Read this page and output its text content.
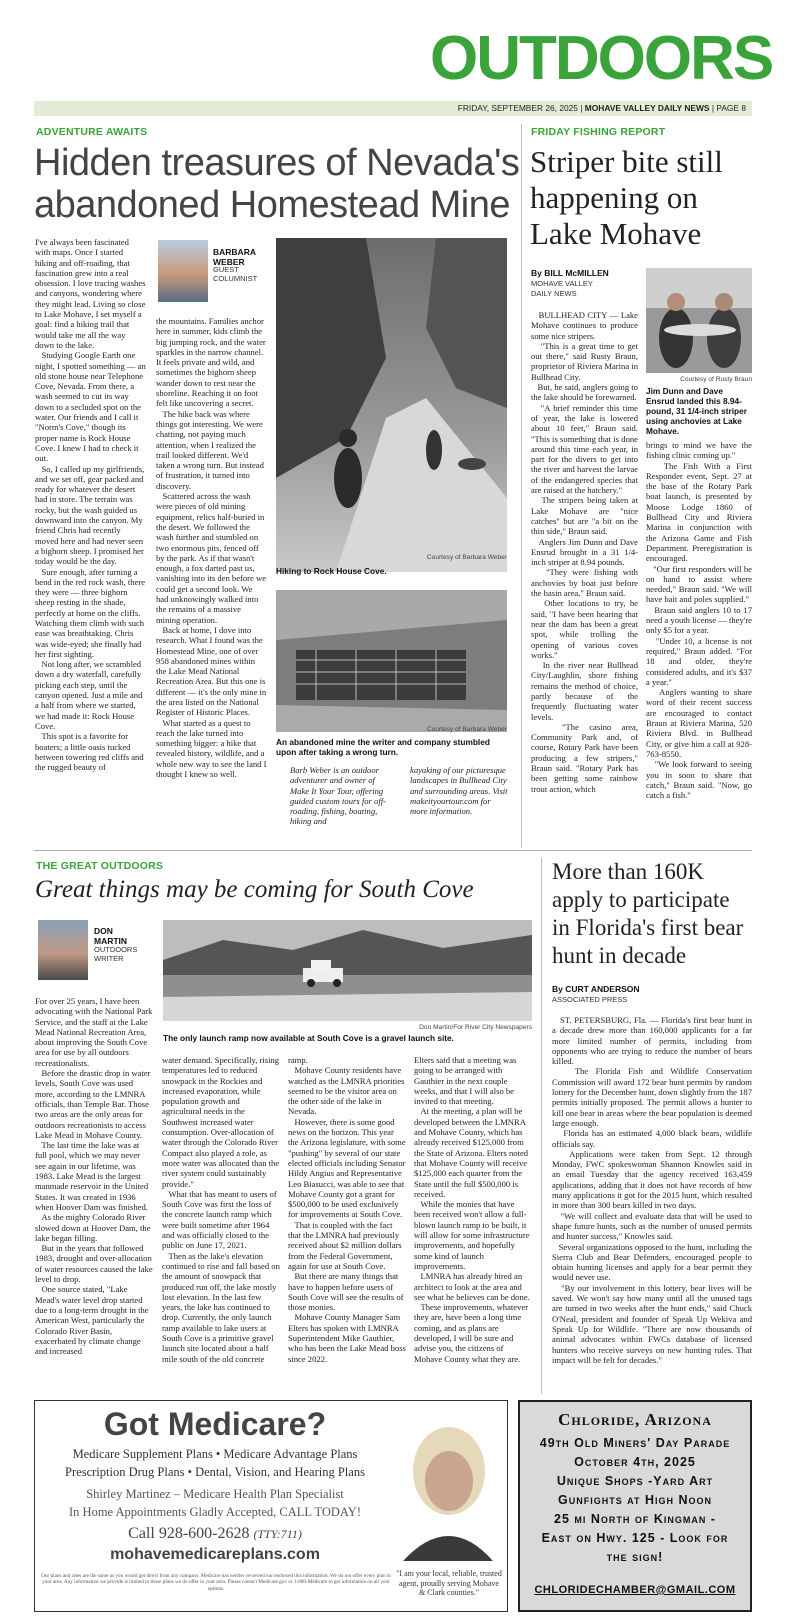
OUTDOORS
FRIDAY, SEPTEMBER 26, 2025 | MOHAVE VALLEY DAILY NEWS | PAGE 8
ADVENTURE AWAITS
Hidden treasures of Nevada's abandoned Homestead Mine
I've always been fascinated with maps. Once I started hiking and off-roading, that fascination grew into a real obsession. I love tracing washes and canyons, wondering where they might lead. Living so close to Lake Mohave, I set myself a goal: find a hiking trail that would take me all the way down to the lake.
Studying Google Earth one night, I spotted something — an old stone house near Telephone Cove, Nevada. From there, a wash seemed to cut its way down to a secluded spot on the water. Our friends and I call it "Norm's Cove," though its proper name is Rock House Cove. I knew I had to check it out.
So, I called up my girlfriends, and we set off, gear packed and ready for whatever the desert had in store. The terrain was rocky, but the wash guided us downward into the canyon. My friend Chris had recently moved here and had never seen a bighorn sheep. I promised her today would be the day.
Sure enough, after turning a bend in the red rock wash, there they were — three bighorn sheep resting in the shade, perfectly at home on the cliffs. Watching them climb with such ease was breathtaking. Chris was wide-eyed; she finally had her first sighting.
Not long after, we scrambled down a dry waterfall, carefully picking each step, until the canyon opened. Just a mile and a half from where we started, we had made it: Rock House Cove.
This spot is a favorite for boaters; a little oasis tucked between towering red cliffs and the rugged beauty of
BARBARA WEBER
GUEST COLUMNIST
the mountains. Families anchor here in summer, kids climb the big jumping rock, and the water sparkles in the narrow channel. It feels private and wild, and sometimes the bighorn sheep wander down to rest near the shoreline. Reaching it on foot felt like uncovering a secret.
The hike back was where things got interesting. We were chatting, not paying much attention, when I realized the trail looked different. We'd taken a wrong turn. But instead of frustration, it turned into discovery.
Scattered across the wash were pieces of old mining equipment, relics half-buried in the desert. We followed the wash further and stumbled on two enormous pits, fenced off by the park. As if that wasn't enough, a fox darted past us, vanishing into its den before we could get a second look. We had unknowingly walked into the remains of a massive mining operation.
Back at home, I dove into research. What I found was the Homestead Mine, one of over 958 abandoned mines within the Lake Mead National Recreation Area. But this one is different — it's the only mine in the area listed on the National Register of Historic Places.
What started as a quest to reach the lake turned into something bigger: a hike that revealed history, wildlife, and a whole new way to see the land I thought I knew so well.
Courtesy of Barbara Weber
Hiking to Rock House Cove.
Courtesy of Barbara Weber
An abandoned mine the writer and company stumbled upon after taking a wrong turn.
Barb Weber is an outdoor adventurer and owner of Make It Your Tour, offering guided custom tours for off-roading, fishing, boating, hiking and
kayaking of our picturesque landscapes in Bullhead City and surrounding areas. Visit makeityourtour.com for more information.
FRIDAY FISHING REPORT
Striper bite still happening on Lake Mohave
By BILL McMILLEN
MOHAVE VALLEY DAILY NEWS
BULLHEAD CITY — Lake Mohave continues to produce some nice stripers.
"This is a great time to get out there," said Rusty Braun, proprietor of Riviera Marina in Bullhead City.
But, he said, anglers going to the lake should be forewarned.
"A brief reminder this time of year, the lake is lowered about 10 feet," Braun said. "This is something that is done around this time each year, in part for the divers to get into the river and harvest the larvae of the endangered species that are raised at the hatchery."
The stripers being taken at Lake Mohave are "nice catches" but are "a bit on the thin side," Braun said.
Anglers Jim Dunn and Dave Ensrud brought in a 31 1/4-inch striper at 8.94 pounds.
"They were fishing with anchovies by boat just before the basin area," Braun said.
Other locations to try, he said, "I have been hearing that near the dam has been a great spot, while trolling the opening of various coves works."
In the river near Bullhead City/Laughlin, shore fishing remains the method of choice, partly because of the frequently fluctuating water levels.
"The casino area, Community Park and, of course, Rotary Park have been producing a few stripers," Braun said. "Rotary Park has been getting some rainbow trout action, which
Courtesy of Rusty Braun
Jim Dunn and Dave Ensrud landed this 8.94-pound, 31 1/4-inch striper using anchovies at Lake Mohave.
brings to mind we have the fishing clinic coming up."
The Fish With a First Responder event, Sept. 27 at the base of the Rotary Park boat launch, is presented by Moose Lodge 1860 of Bullhead City and Riviera Marina in conjunction with the Arizona Game and Fish Department. Preregistration is encouraged.
"Our first responders will be on hand to assist where needed," Braun said. "We will have bait and poles supplied."
Braun said anglers 10 to 17 need a youth license — they're only $5 for a year.
"Under 10, a license is not required," Braun added. "For 18 and older, they're considered adults, and it's $37 a year."
Anglers wanting to share word of their recent success are encouraged to contact Braun at Riviera Marina, 520 Riviera Blvd. in Bullhead City, or give him a call at 928-763-8550.
"We look forward to seeing you in soon to share that catch," Braun said. "Now, go catch a fish."
THE GREAT OUTDOORS
Great things may be coming for South Cove
DON MARTIN
OUTDOORS WRITER
Don Martin/For River City Newspapers
The only launch ramp now available at South Cove is a gravel launch site.
For over 25 years, I have been advocating with the National Park Service, and the staff at the Lake Mead National Recreation Area, about improving the South Cove area for use by all outdoors recreationalists.
Before the drastic drop in water levels, South Cove was used more, according to the LMNRA officials, than Temple Bar. Those two areas are the only areas for outdoors recreationists to access Lake Mead in Mohave County.
The last time the lake was at full pool, which we may never see again in our lifetime, was 1983. Lake Mead is the largest manmade reservoir in the United States. It was created in 1936 when Hoover Dam was finished.
As the mighty Colorado River slowed down at Hoover Dam, the lake began filling.
But in the years that followed 1983, drought and over-allocation of water resources caused the lake level to drop.
One source stated, "Lake Mead's water level drop started due to a long-term drought in the American West, particularly the Colorado River Basin, exacerbated by climate change and increased
water demand. Specifically, rising temperatures led to reduced snowpack in the Rockies and increased evaporation, while population growth and agricultural needs in the Southwest increased water consumption. Over-allocation of water through the Colorado River Compact also played a role, as more water was allocated than the river system could sustainably provide."
What that has meant to users of South Cove was first the loss of the concrete launch ramp which were built sometime after 1964 and was officially closed to the public on June 17, 2021.
Then as the lake's elevation continued to rise and fall based on the amount of snowpack that produced run off, the lake mostly lost elevation. In the last few years, the lake has continued to drop. Currently, the only launch ramp available to lake users at South Cove is a primitive gravel launch site located about a half mile south of the old concrete
ramp.
Mohave County residents have watched as the LMNRA priorities seemed to be the visitor area on the other side of the lake in Nevada.
However, there is some good news on the horizon. This year the Arizona legislature, with some "pushing" by several of our state elected officials including Senator Hildy Angius and Representative Leo Biasucci, was able to see that Mohave County got a grant for $500,000 to be used exclusively for improvements at South Cove.
That is coupled with the fact that the LMNRA had previously received about $2 million dollars from the Federal Government, again for use at South Cove.
But there are many things that have to happen before users of South Cove will see the results of those monies.
Mohave County Manager Sam Elters has spoken with LMNRA Superintendent Mike Gauthier, who has been the Lake Mead boss since 2022.
Elters said that a meeting was going to be arranged with Gauthier in the next couple weeks, and that I will also be invited to that meeting.
At the meeting, a plan will be developed between the LMNRA and Mohave County, which has already received $125,000 from the State of Arizona. Elters noted that Mohave County will receive $125,000 each quarter from the State until the full $500,000 is received.
While the monies that have been received won't allow a full-blown launch ramp to be built, it will allow for some infrastructure improvements, and hopefully some kind of launch improvements.
LMNRA has already hired an architect to look at the area and see what he believes can be done.
These improvements, whatever they are, have been a long time coming, and as plans are developed, I will be sure and advise you, the citizens of Mohave County what they are.
More than 160K apply to participate in Florida's first bear hunt in decade
By CURT ANDERSON
ASSOCIATED PRESS
ST. PETERSBURG, Fla. — Florida's first bear hunt in a decade drew more than 160,000 applicants for a far more limited number of permits, including from opponents who are trying to reduce the number of bears killed.
The Florida Fish and Wildlife Conservation Commission will award 172 bear hunt permits by random lottery for the December hunt, down slightly from the 187 permits initially proposed. The permit allows a hunter to kill one bear in areas where the bear population is deemed large enough.
Florida has an estimated 4,000 black bears, wildlife officials say.
Applications were taken from Sept. 12 through Monday, FWC spokeswoman Shannon Knowles said in an email Tuesday that the agency received 163,459 applications, adding that it does not have records of how many applications it got for the 2015 hunt, which resulted in more than 300 bears killed in two days.
"We will collect and evaluate data that will be used to shape future hunts, such as the number of unused permits and hunter success," Knowles said.
Several organizations opposed to the hunt, including the Sierra Club and Bear Defenders, encouraged people to obtain hunting licenses and apply for a bear permit they would never use.
"By our involvement in this lottery, bear lives will be saved. We won't say how many until all the unused tags are turned in two weeks after the hunt ends," said Chuck O'Neal, president and founder of Speak Up Wekiva and Speak Up for Wildlife. "There are now thousands of animal advocates within FWCs database of licensed hunters who receive surveys on new hunting rules. That impact will be felt for decades."
Got Medicare?
Medicare Supplement Plans • Medicare Advantage Plans
Prescription Drug Plans • Dental, Vision, and Hearing Plans
Shirley Martinez – Medicare Health Plan Specialist
In Home Appointments Gladly Accepted, CALL TODAY!
Call 928-600-2628 (TTY:711)
mohavemedicareplans.com
Our plans and rates are the same as you would get direct from any company. Medicare has neither reviewed nor endorsed this information. We do not offer every plan in your area. Any information we provide is limited to those plans we do offer in your area. Please contact Medicare.gov or 1-800-Medicare to get information on all your options.
"I am your local, reliable, trusted agent, proudly serving Mohave & Clark counties."
Chloride, Arizona
49th Old Miners' Day Parade
October 4th, 2025
Unique Shops -Yard Art
Gunfights at High Noon
25 mi North of Kingman -
East on Hwy. 125 - Look for
the sign!
CHLORIDECHAMBER@GMAIL.COM
